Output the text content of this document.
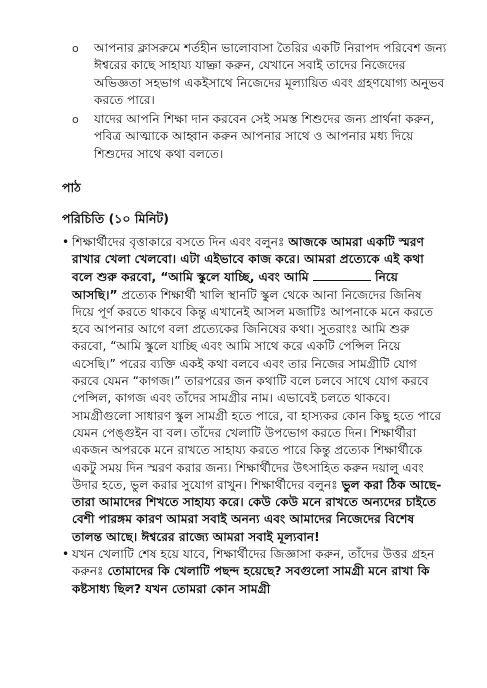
o আপনার ক্লাসরুমে শর্তহীন ভালোবাসা তৈরির একটি নিরাপদ পরিবেশ জন্য ঈশ্বরের কাছে সাহায্য যাচ্ঞা করুন, যেখানে সবাই তাদের নিজেদের অভিজ্ঞতা সহভাগ একইসাথে নিজেদের মূল্যায়িত এবং গ্রহণযোগ্য অনুভব করতে পারে।
o যাদের আপনি শিক্ষা দান করবেন সেই সমস্ত শিশুদের জন্য প্রার্থনা করুন, পবিত্র আত্মাকে আহ্বান করুন আপনার সাথে ও আপনার মধ্য দিয়ে শিশুদের সাথে কথা বলতে।
পাঠ
পরিচিতি (১০ মিনিট)
• শিক্ষার্থীদের বৃত্তাকারে বসতে দিন এবং বলুনঃ আজকে আমরা একটি স্মরণ রাখার খেলা খেলবো। এটা এইভাবে কাজ করে। আমরা প্রত্যেকে এই কথা বলে শুরু করবো, “আমি স্কুলে যাচ্ছি, এবং আমি	নিয়ে আসছি।” প্রত্যেক শিক্ষার্থী খালি স্থানটি স্কুল থেকে আনা নিজেদের জিনিষ দিয়ে পূর্ণ করতে থাকবে কিন্তু এখানেই আসল মজাটিঃ আপনাকে মনে করতে হবে আপনার আগে বলা প্রত্যেকের জিনিষের কথা। সুতরাংঃ আমি শুরু করবো, “আমি স্কুলে যাচ্ছি এবং আমি সাথে করে একটি পেন্সিল নিয়ে এসেছি।” পরের ব্যক্তি একই কথা বলবে এবং তার নিজের সামগ্রীটি যোগ করবে যেমন “কাগজ।” তারপরের জন কথাটি বলে চলবে সাথে যোগ করবে পেন্সিল, কাগজ এবং তাঁদের সামগ্রীর নাম। এভাবেই চলতে থাকবে। সামগ্রীগুলো সাধারণ স্কুল সামগ্রী হতে পারে, বা হাস্যকর কোন কিছু হতে পারে যেমন পেঙ্গুইন বা বল। তাঁদের খেলাটি উপভোগ করতে দিন। শিক্ষার্থীরা একজন অপরকে মনে রাখতে সাহায্য করতে পারে কিন্তু প্রত্যেক শিক্ষার্থীকে একটু সময় দিন স্মরণ করার জন্য। শিক্ষার্থীদের উৎসাহিত করুন দয়ালু এবং উদার হতে, ভুল করার সুযোগ রাখুন। শিক্ষার্থীদের বলুনঃ ভুল করা ঠিক আছে- তারা আমাদের শিখতে সাহায্য করে। কেউ কেউ মনে রাখতে অন্যদের চাইতে বেশী পারঙ্গম কারণ আমরা সবাই অনন্য এবং আমাদের নিজেদের বিশেষ তালন্ত আছে। ঈশ্বরের রাজ্যে আমরা সবাই মূল্যবান!
• যখন খেলাটি শেষ হয়ে যাবে, শিক্ষার্থীদের জিজ্ঞাসা করুন, তাঁদের উত্তর গ্রহন করুনঃ তোমাদের কি খেলাটি পছন্দ হয়েছে? সবগুলো সামগ্রী মনে রাখা কি কষ্টসাধ্য ছিল? যখন তোমরা কোন সামগ্রী
